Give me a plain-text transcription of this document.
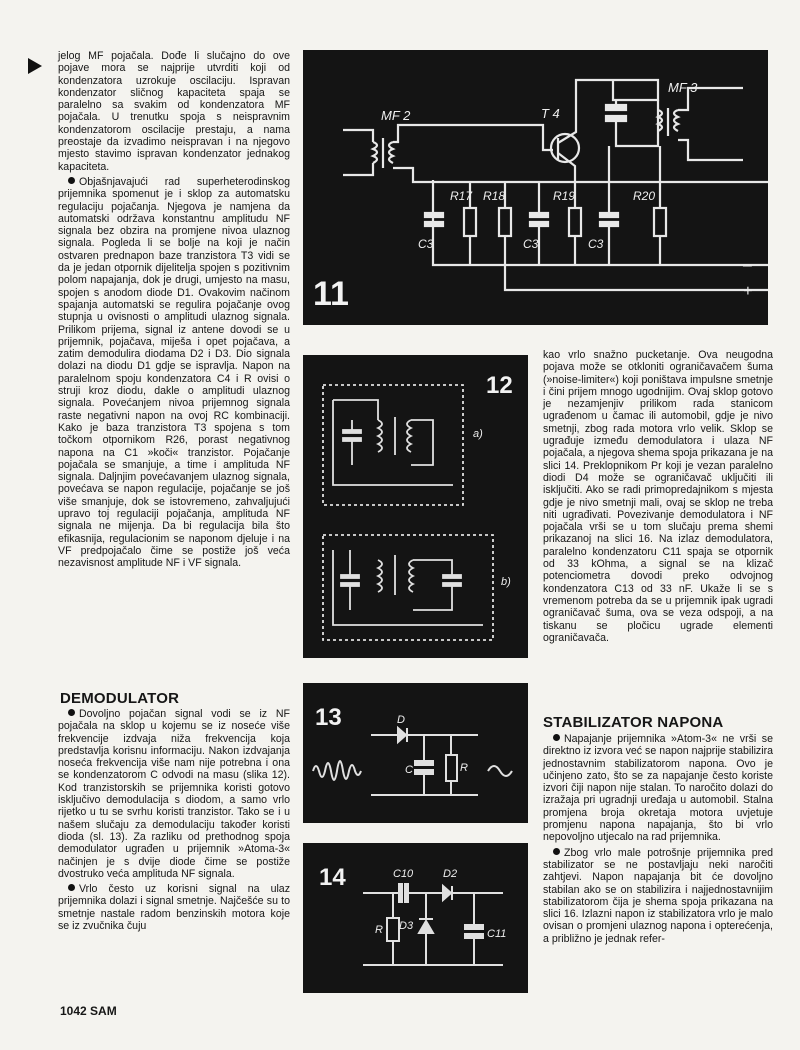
jelog MF pojačala. Dođe li slučajno do ove pojave mora se najprije utvrditi koji od kondenzatora uzrokuje oscilaciju. Ispravan kondenzator sličnog kapaciteta spaja se paralelno sa svakim od kondenzatora MF pojačala. U trenutku spoja s neispravnim kondenzatorom oscilacije prestaju, a nama preostaje da izvadimo neispravan i na njegovo mjesto stavimo ispravan kondenzator jednakog kapaciteta.

Objašnjavajući rad superheterodinskog prijemnika spomenut je i sklop za automatsku regulaciju pojačanja. Njegova je namjena da automatski održava konstantnu amplitudu NF signala bez obzira na promjene nivoa ulaznog signala. Pogleda li se bolje na koji je način ostvaren prednapon baze tranzistora T3 vidi se da je jedan otpornik dijelitelja spojen s pozitivnim polom napajanja, dok je drugi, umjesto na masu, spojen s anodom diode D1. Ovakovim načinom spajanja automatski se regulira pojačanje ovog stupnja u ovisnosti o amplitudi ulaznog signala. Prilikom prijema, signal iz antene dovodi se u prijemnik, pojačava, miješa i opet pojačava, a zatim demodulira diodama D2 i D3. Dio signala dolazi na diodu D1 gdje se ispravlja. Napon na paralelnom spoju kondenzatora C4 i R ovisi o struji kroz diodu, dakle o amplitudi ulaznog signala. Povećanjem nivoa prijemnog signala raste negativni napon na ovoj RC kombinaciji. Kako je baza tranzistora T3 spojena s tom točkom otpornikom R26, porast negativnog napona na C1 »koči« tranzistor. Pojačanje pojačala se smanjuje, a time i amplituda NF signala. Daljnjim povećavanjem ulaznog signala, povećava se napon regulacije, pojačanje se još više smanjuje, dok se istovremeno, zahvaljujući upravo toj regulaciji pojačanja, amplituda NF signala ne mijenja. Da bi regulacija bila što efikasnija, regulacionim se naponom djeluje i na VF predpojačalo čime se postiže još veća nezavisnost amplitude NF i VF signala.

DEMODULATOR

Dovoljno pojačan signal vodi se iz NF pojačala na sklop u kojemu se iz noseće više frekvencije izdvaja niža frekvencija koja predstavlja korisnu informaciju. Nakon izdvajanja noseća frekvencija više nam nije potrebna i ona se kondenzatorom C odvodi na masu (slika 12). Kod tranzistorskih se prijemnika koristi gotovo isključivo demodulacija s diodom, a samo vrlo rijetko u tu se svrhu koristi tranzistor. Tako se i u našem slučaju za demodulaciju također koristi dioda (sl. 13). Za razliku od prethodnog spoja demodulator ugrađen u prijemnik »Atoma-3« načinjen je s dvije diode čime se postiže dvostruko veća amplituda NF signala.

Vrlo često uz korisni signal na ulaz prijemnika dolazi i signal smetnje. Najčešće su to smetnje nastale radom benzinskih motora koje se iz zvučnika čuju

kao vrlo snažno pucketanje. Ova neugodna pojava može se otkloniti ograničavačem šuma (»noise-limiter«) koji poništava impulsne smetnje i čini prijem mnogo ugodnijim. Ovaj sklop gotovo je nezamjenjiv prilikom rada stanicom ugrađenom u čamac ili automobil, gdje je nivo smetnji, zbog rada motora vrlo velik. Sklop se ugrađuje između demodulatora i ulaza NF pojačala, a njegova shema spoja prikazana je na slici 14. Preklopnikom Pr koji je vezan paralelno diodi D4 može se ograničavač uključiti ili isključiti. Ako se radi primopredajnikom s mjesta gdje je nivo smetnji mali, ovaj se sklop ne treba niti ugrađivati. Povezivanje demodulatora i NF pojačala vrši se u tom slučaju prema shemi prikazanoj na slici 16. Na izlaz demodulatora, paralelno kondenzatoru C11 spaja se otpornik od 33 kOhma, a signal se na klizač potenciometra dovodi preko odvojnog kondenzatora C13 od 33 nF. Ukaže li se s vremenom potreba da se u prijemnik ipak ugradi ograničavač šuma, ova se veza odspoji, a na tiskanu se pločicu ugrade elementi ograničavača.

STABILIZATOR NAPONA

Napajanje prijemnika »Atom-3« ne vrši se direktno iz izvora već se napon najprije stabilizira jednostavnim stabilizatorom napona. Ovo je učinjeno zato, što se za napajanje često koriste izvori čiji napon nije stalan. To naročito dolazi do izražaja pri ugradnji uređaja u automobil. Stalna promjena broja okretaja motora uvjetuje promjenu napona napajanja, što bi vrlo nepovoljno utjecalo na rad prijemnika.

Zbog vrlo male potrošnje prijemnika pred stabilizator se ne postavljaju neki naročiti zahtjevi. Napon napajanja bit će dovoljno stabilan ako se on stabilizira i najjednostavnijim stabilizatorom čija je shema spoja prikazana na slici 16. Izlazni napon iz stabilizatora vrlo je malo ovisan o promjeni ulaznog napona i opterećenja, a približno je jednak refer-

11
MF 2	T 4
MF 3
R17 R18	R19	R20
C3	C3	C3
–
+
12
a)
b)
13	D
C	R
14	C10	D2
D3
R	C11
1042 SAM
